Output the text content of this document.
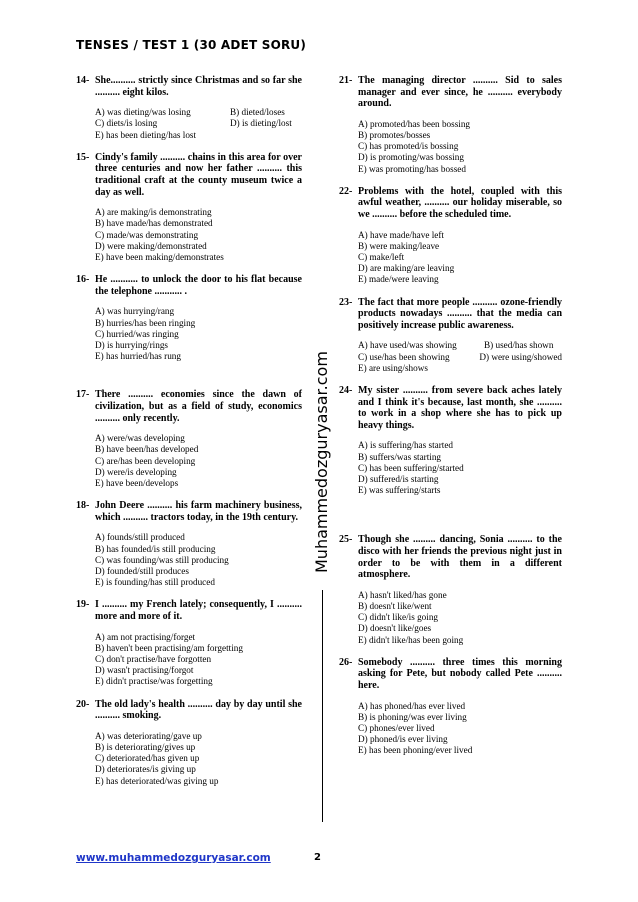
TENSES / TEST 1 (30 ADET SORU)
14- She.......... strictly since Christmas and so far she .......... eight kilos.
A) was dieting/was losing	B) dieted/loses
C) diets/is losing	D) is dieting/lost
E) has been dieting/has lost
15- Cindy's family .......... chains in this area for over three centuries and now her father .......... this traditional craft at the county museum twice a day as well.
A) are making/is demonstrating
B) have made/has demonstrated
C) made/was demonstrating
D) were making/demonstrated
E) have been making/demonstrates
16- He ........... to unlock the door to his flat because the telephone ........... .
A) was hurrying/rang
B) hurries/has been ringing
C) hurried/was ringing
D) is hurrying/rings
E) has hurried/has rung
17- There .......... economies since the dawn of civilization, but as a field of study, economics .......... only recently.
A) were/was developing
B) have been/has developed
C) are/has been developing
D) were/is developing
E) have been/develops
18- John Deere .......... his farm machinery business, which .......... tractors today, in the 19th century.
A) founds/still produced
B) has founded/is still producing
C) was founding/was still producing
D) founded/still produces
E) is founding/has still produced
19- I .......... my French lately; consequently, I .......... more and more of it.
A) am not practising/forget
B) haven't been practising/am forgetting
C) don't practise/have forgotten
D) wasn't practising/forgot
E) didn't practise/was forgetting
20- The old lady's health .......... day by day until she .......... smoking.
A) was deteriorating/gave up
B) is deteriorating/gives up
C) deteriorated/has given up
D) deteriorates/is giving up
E) has deteriorated/was giving up
Muhammedozguryasar.com
21- The managing director .......... Sid to sales manager and ever since, he .......... everybody around.
A) promoted/has been bossing
B) promotes/bosses
C) has promoted/is bossing
D) is promoting/was bossing
E) was promoting/has bossed
22- Problems with the hotel, coupled with this awful weather, .......... our holiday miserable, so we .......... before the scheduled time.
A) have made/have left
B) were making/leave
C) make/left
D) are making/are leaving
E) made/were leaving
23- The fact that more people .......... ozone-friendly products nowadays .......... that the media can positively increase public awareness.
A) have used/was showing	B) used/has shown
C) use/has been showing	D) were using/showed
E) are using/shows
24- My sister .......... from severe back aches lately and I think it's because, last month, she .......... to work in a shop where she has to pick up heavy things.
A) is suffering/has started
B) suffers/was starting
C) has been suffering/started
D) suffered/is starting
E) was suffering/starts
25- Though she ......... dancing, Sonia .......... to the disco with her friends the previous night just in order to be with them in a different atmosphere.
A) hasn't liked/has gone
B) doesn't like/went
C) didn't like/is going
D) doesn't like/goes
E) didn't like/has been going
26- Somebody .......... three times this morning asking for Pete, but nobody called Pete .......... here.
A) has phoned/has ever lived
B) is phoning/was ever living
C) phones/ever lived
D) phoned/is ever living
E) has been phoning/ever lived
www.muhammedozguryasar.com	2
